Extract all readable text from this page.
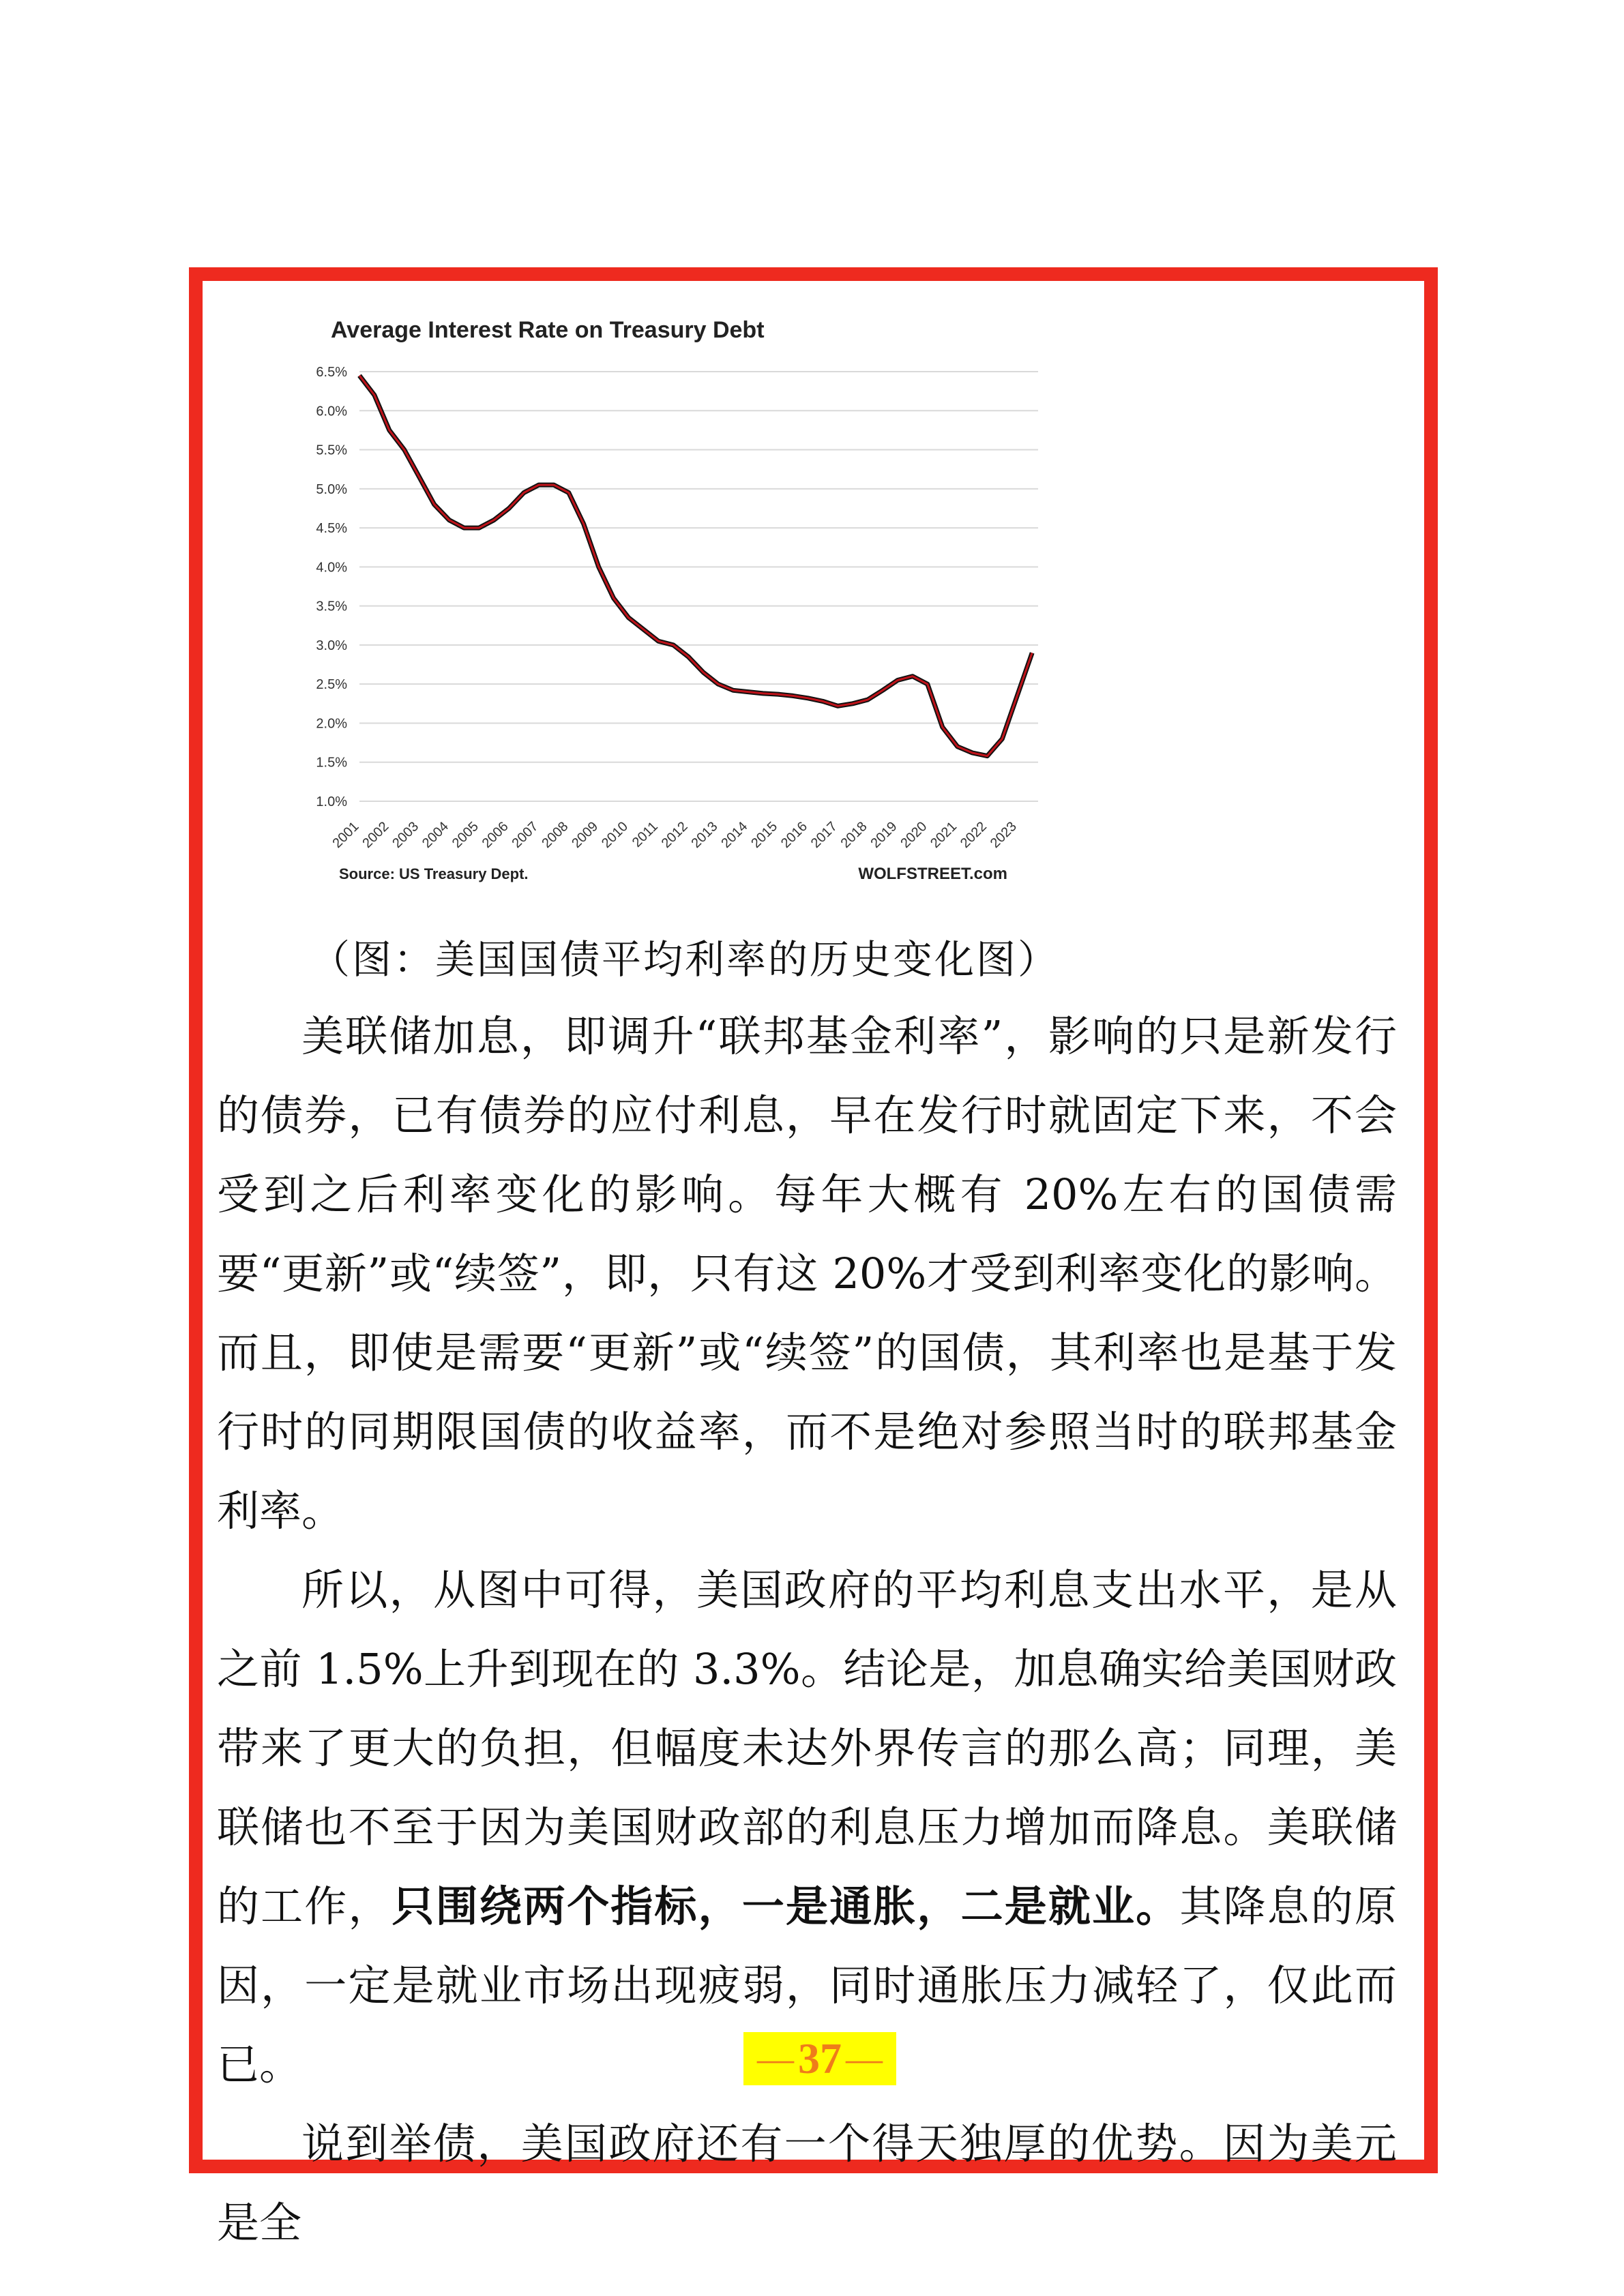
Average Interest Rate on Treasury Debt
6.5%
6.0%
5.5%
5.0%
4.5%
4.0%
3.5%
3.0%
2.5%
2.0%
1.5%
1.0%
2001
2002
2003
2004
2005
2006
2007
2008
2009
2010
2011
2012
2013
2014
2015
2016
2017
2018
2019
2020
2021
2022
2023
Source: US Treasury Dept.	WOLFSTREET.com
（图：美国国债平均利率的历史变化图）

美联储加息，即调升“联邦基金利率”，影响的只是新发行的债券，已有债券的应付利息，早在发行时就固定下来，不会受到之后利率变化的影响。每年大概有 20%左右的国债需要“更新”或“续签”，即，只有这 20%才受到利率变化的影响。而且，即使是需要“更新”或“续签”的国债，其利率也是基于发行时的同期限国债的收益率，而不是绝对参照当时的联邦基金利率。

所以，从图中可得，美国政府的平均利息支出水平，是从之前 1.5%上升到现在的 3.3%。结论是，加息确实给美国财政带来了更大的负担，但幅度未达外界传言的那么高；同理，美联储也不至于因为美国财政部的利息压力增加而降息。美联储的工作，只围绕两个指标，一是通胀，二是就业。其降息的原因，一定是就业市场出现疲弱，同时通胀压力减轻了，仅此而已。

说到举债，美国政府还有一个得天独厚的优势。因为美元是全

— 37 —
